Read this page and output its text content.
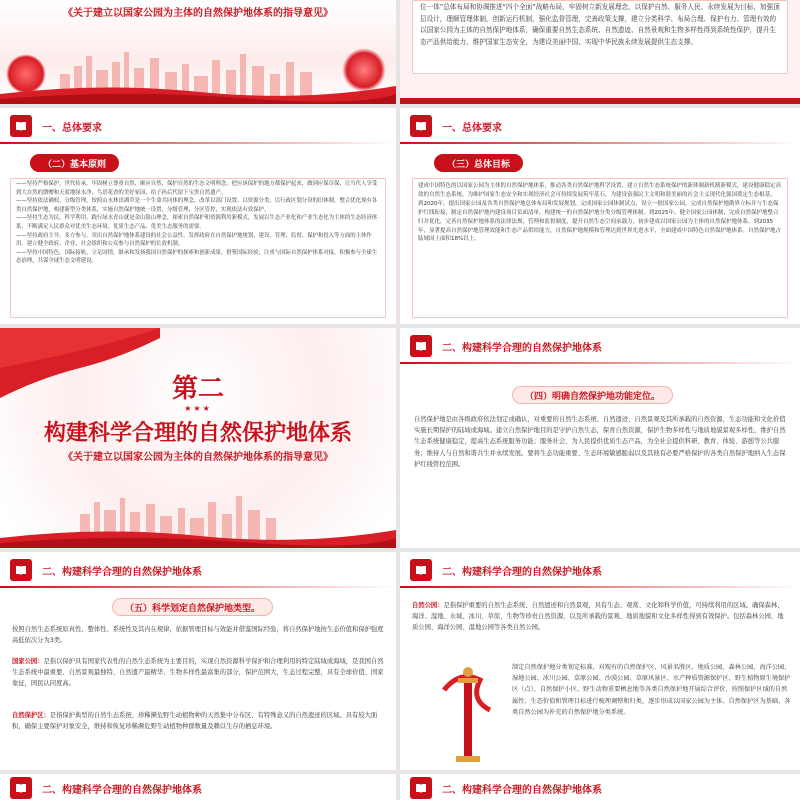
《关于建立以国家公园为主体的自然保护地体系的指导意见》
位一体”总体布局和协调推进“四个全面”战略布局，牢固树立新发展理念，以保护自然、服务人民、永续发展为目标，加强顶层设计，理顺管理体制，创新运行机制，强化监督管理，完善政策支撑，建立分类科学、布局合理、保护有力、管理有效的以国家公园为主体的自然保护地体系，确保重要自然生态系统、自然遗迹、自然景观和生物多样性得到系统性保护，提升生态产品供给能力，维护国家生态安全，为建设美丽中国、实现中华民族永续发展提供生态支撑。
一、总体要求
（二）基本原则
——坚持严格保护，世代传承。牢固树立尊重自然、顺应自然、保护自然的生态文明理念，把应该保护的地方都保护起来，做到应保尽保，让当代人享受到大自然的馈赠和天蓝地绿水净、鸟语花香的美好家园，给子孙后代留下宝贵自然遗产。
——坚持依法确权，分级管理。按照山水林田湖草是一个生命共同体的理念，改革以部门设置、以资源分类、以行政区划分设的旧体制，整合优化现有各类自然保护地，构建新型分类体系，实施自然保护地统一设置，分级管理、分区管控，实现依法有效保护。
——坚持生态为民，科学利用。践行绿水青山就是金山银山理念，探索自然保护和资源利用新模式，发展以生态产业化和产业生态化为主体的生态经济体系，不断满足人民群众对优美生态环境、优质生态产品、优美生态服务的需要。
——坚持政府主导，多方参与。突出自然保护地体系建设的社会公益性，发挥政府在自然保护地规划、建设、管理、监督、保护和投入等方面的主体作用。建立健全政府、企业、社会组织和公众参与自然保护的长效机制。
——坚持中国特色，国际接轨。立足国情，继承和发扬我国自然保护的探索和创新成果。借鉴国际经验，注重与国际自然保护体系对接，积极参与全球生态治理，共谋全球生态文明建设。
一、总体要求
（三）总体目标
建成中国特色的以国家公园为主体的自然保护地体系，推动各类自然保护地科学设置，建立自然生态系统保护的新体制新机制新模式，建设健康稳定高效的自然生态系统，为维护国家生态安全和实现经济社会可持续发展筑牢基石，为建设富强民主文明和谐美丽的社会主义现代化强国奠定生态根基。
到2020年，提出国家公园及各类自然保护地总体布局和发展规划，完成国家公园体制试点，设立一批国家公园，完成自然保护地勘界立标并与生态保护红线衔接，制定自然保护地内建设项目负面清单，构建统一的自然保护地分类分级管理体制。到2025年，健全国家公园体制，完成自然保护地整合归并优化，完善自然保护地体系的法律法规、管理和监督制度，提升自然生态空间承载力，初步建成以国家公园为主体的自然保护地体系。到2035年，显著提高自然保护地管理效能和生态产品供给能力，自然保护地规模和管理达到世界先进水平，全面建成中国特色自然保护地体系。自然保护地占陆域国土面积18%以上。
第二
★★★
构建科学合理的自然保护地体系
《关于建立以国家公园为主体的自然保护地体系的指导意见》
二、构建科学合理的自然保护地体系
（四）明确自然保护地功能定位。
自然保护地是由各级政府依法划定或确认，对重要的自然生态系统、自然遗迹、自然景观及其所承载的自然资源、生态功能和文化价值实施长期保护的陆域或海域。建立自然保护地目的是守护自然生态，保育自然资源，保护生物多样性与地质地貌景观多样性，维护自然生态系统健康稳定，提高生态系统服务功能；服务社会，为人民提供优质生态产品，为全社会提供科研、教育、体验、游憩等公共服务；维持人与自然和谐共生并永续发展。要将生态功能重要、生态环境敏感脆弱以及其他有必要严格保护的各类自然保护地纳入生态保护红线管控范围。
二、构建科学合理的自然保护地体系
（五）科学划定自然保护地类型。
按照自然生态系统原真性、整体性、系统性及其内在规律，依据管理目标与效能并借鉴国际经验，将自然保护地按生态价值和保护强度高低依次分为3类。
国家公园：是指以保护具有国家代表性的自然生态系统为主要目的，实现自然资源科学保护和合理利用的特定陆域或海域，是我国自然生态系统中最重要、自然景观最独特、自然遗产最精华、生物多样性最富集的部分，保护范围大，生态过程完整，具有全球价值、国家象征，国民认同度高。
自然保护区：是指保护典型的自然生态系统、珍稀濒危野生动植物种的天然集中分布区、有特殊意义的自然遗迹的区域。具有较大面积，确保主要保护对象安全，维持和恢复珍稀濒危野生动植物种群数量及赖以生存的栖息环境。
二、构建科学合理的自然保护地体系
自然公园：是指保护重要的自然生态系统、自然遗迹和自然景观，具有生态、观赏、文化和科学价值，可持续利用的区域。确保森林、海洋、湿地、水域、冰川、草原、生物等珍贵自然资源，以及所承载的景观、地质地貌和文化多样性得到有效保护。包括森林公园、地质公园、海洋公园、湿地公园等各类自然公园。
制定自然保护地分类划定标准，对现有的自然保护区、风景名胜区、地质公园、森林公园、海洋公园、湿地公园、冰川公园、草原公园、沙漠公园、草原风景区、水产种质资源保护区、野生植物原生境保护区（点）、自然保护小区、野生动物重要栖息地等各类自然保护地开展综合评价，按照保护区域的自然属性、生态价值和管理目标进行梳理调整和归类，逐步形成以国家公园为主体、自然保护区为基础、各类自然公园为补充的自然保护地分类系统。
二、构建科学合理的自然保护地体系	二、构建科学合理的自然保护地体系
